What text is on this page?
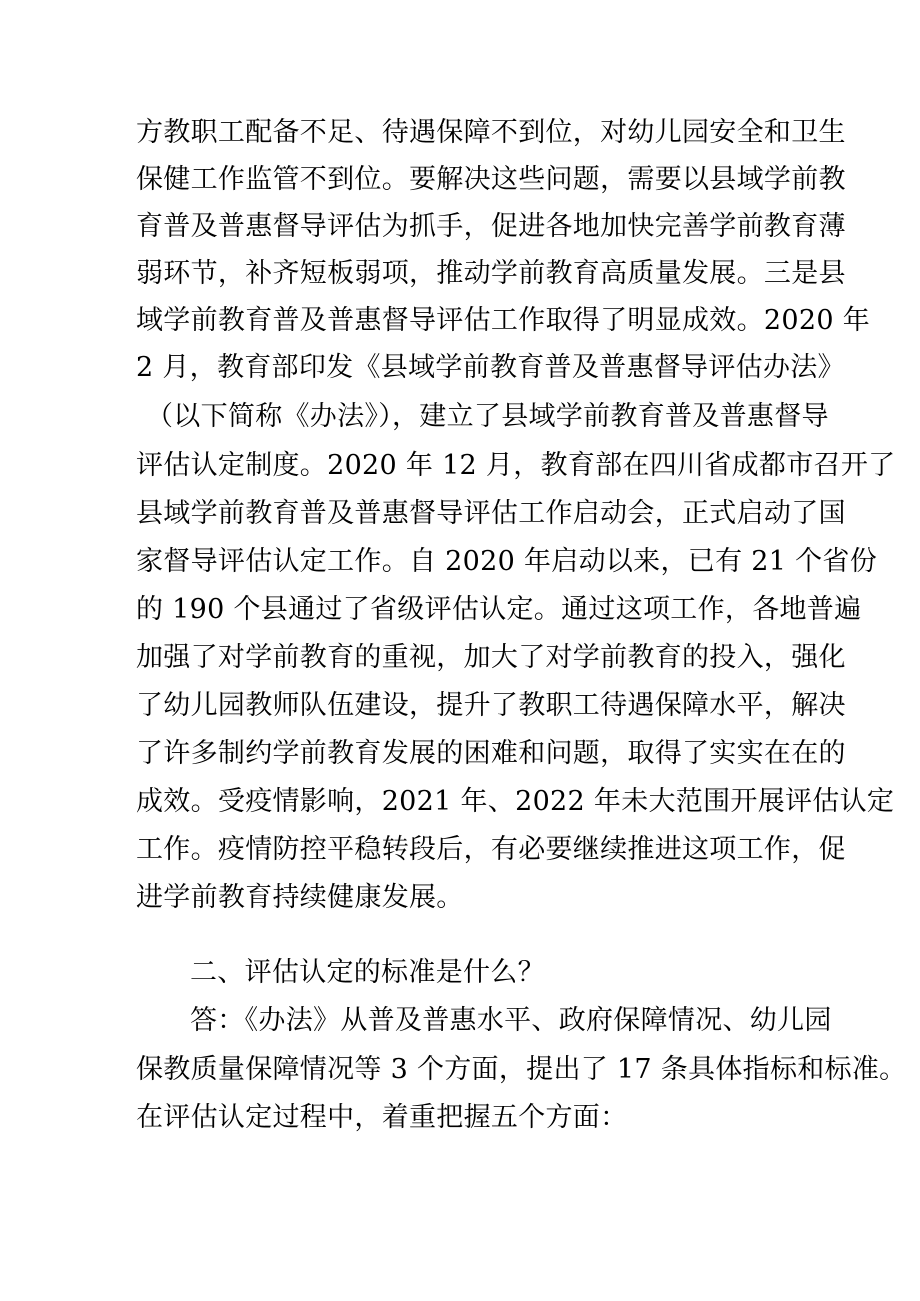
方教职工配备不足、待遇保障不到位，对幼儿园安全和卫生
保健工作监管不到位。要解决这些问题，需要以县域学前教
育普及普惠督导评估为抓手，促进各地加快完善学前教育薄
弱环节，补齐短板弱项，推动学前教育高质量发展。三是县
域学前教育普及普惠督导评估工作取得了明显成效。2020 年
2 月，教育部印发《县域学前教育普及普惠督导评估办法》
（以下简称《办法》），建立了县域学前教育普及普惠督导
评估认定制度。2020 年 12 月，教育部在四川省成都市召开了
县域学前教育普及普惠督导评估工作启动会，正式启动了国
家督导评估认定工作。自 2020 年启动以来，已有 21 个省份
的 190 个县通过了省级评估认定。通过这项工作，各地普遍
加强了对学前教育的重视，加大了对学前教育的投入，强化
了幼儿园教师队伍建设，提升了教职工待遇保障水平，解决
了许多制约学前教育发展的困难和问题，取得了实实在在的
成效。受疫情影响，2021 年、2022 年未大范围开展评估认定
工作。疫情防控平稳转段后，有必要继续推进这项工作，促
进学前教育持续健康发展。
二、评估认定的标准是什么？
答：《办法》从普及普惠水平、政府保障情况、幼儿园
保教质量保障情况等 3 个方面，提出了 17 条具体指标和标准。
在评估认定过程中，着重把握五个方面：
